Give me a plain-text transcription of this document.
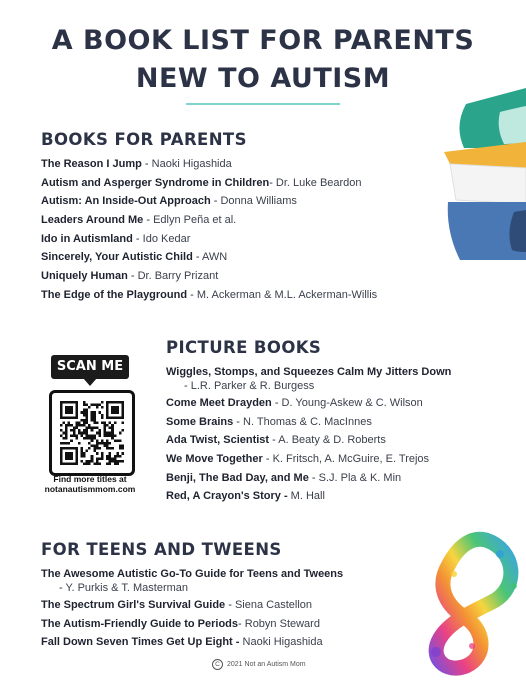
A BOOK LIST FOR PARENTS
NEW TO AUTISM
BOOKS FOR PARENTS
The Reason I Jump - Naoki Higashida
Autism and Asperger Syndrome in Children- Dr. Luke Beardon
Autism: An Inside-Out Approach - Donna Williams
Leaders Around Me - Edlyn Peña et al.
Ido in Autismland - Ido Kedar
Sincerely, Your Autistic Child - AWN
Uniquely Human - Dr. Barry Prizant
The Edge of the Playground - M. Ackerman & M.L. Ackerman-Willis
SCAN ME
Find more titles at
notanautismmom.com
PICTURE BOOKS
Wiggles, Stomps, and Squeezes Calm My Jitters Down
- L.R. Parker & R. Burgess
Come Meet Drayden - D. Young-Askew & C. Wilson
Some Brains - N. Thomas & C. MacInnes
Ada Twist, Scientist - A. Beaty & D. Roberts
We Move Together - K. Fritsch, A. McGuire, E. Trejos
Benji, The Bad Day, and Me - S.J. Pla & K. Min
Red, A Crayon's Story - M. Hall
FOR TEENS AND TWEENS
The Awesome Autistic Go-To Guide for Teens and Tweens
- Y. Purkis & T. Masterman
The Spectrum Girl's Survival Guide - Siena Castellon
The Autism-Friendly Guide to Periods- Robyn Steward
Fall Down Seven Times Get Up Eight - Naoki Higashida
C	2021 Not an Autism Mom
